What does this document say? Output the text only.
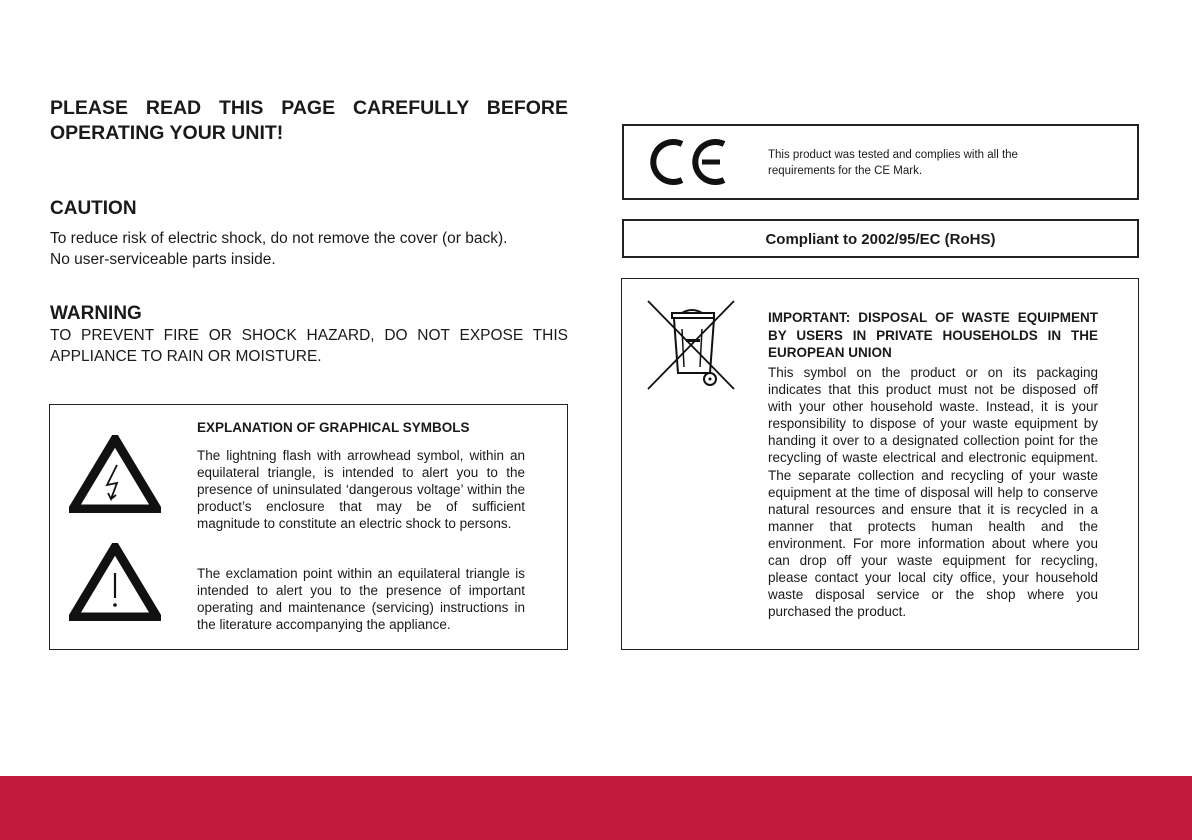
PLEASE READ THIS PAGE CAREFULLY BEFORE OPERATING YOUR UNIT!
CAUTION
To reduce risk of electric shock, do not remove the cover (or back).
No user-serviceable parts inside.
WARNING
TO PREVENT FIRE OR SHOCK HAZARD, DO NOT EXPOSE THIS APPLIANCE TO RAIN OR MOISTURE.
EXPLANATION OF GRAPHICAL SYMBOLS
The lightning flash with arrowhead symbol, within an equilateral triangle, is intended to alert you to the presence of uninsulated ‘dangerous voltage’ within the product’s enclosure that may be of sufficient magnitude to constitute an electric shock to persons.
The exclamation point within an equilateral triangle is intended to alert you to the presence of important operating and maintenance (servicing) instructions in the literature accompanying the appliance.
This product was tested and complies with all the requirements for the CE Mark.
Compliant to 2002/95/EC (RoHS)
IMPORTANT: DISPOSAL OF WASTE EQUIPMENT BY USERS IN PRIVATE HOUSEHOLDS IN THE EUROPEAN UNION
This symbol on the product or on its packaging indicates that this product must not be disposed off with your other household waste. Instead, it is your responsibility to dispose of your waste equipment by handing it over to a designated collection point for the recycling of waste electrical and electronic equipment. The separate collection and recycling of your waste equipment at the time of disposal will help to conserve natural resources and ensure that it is recycled in a manner that protects human health and the environment. For more information about where you can drop off your waste equipment for recycling, please contact your local city office, your household waste disposal service or the shop where you purchased the product.
